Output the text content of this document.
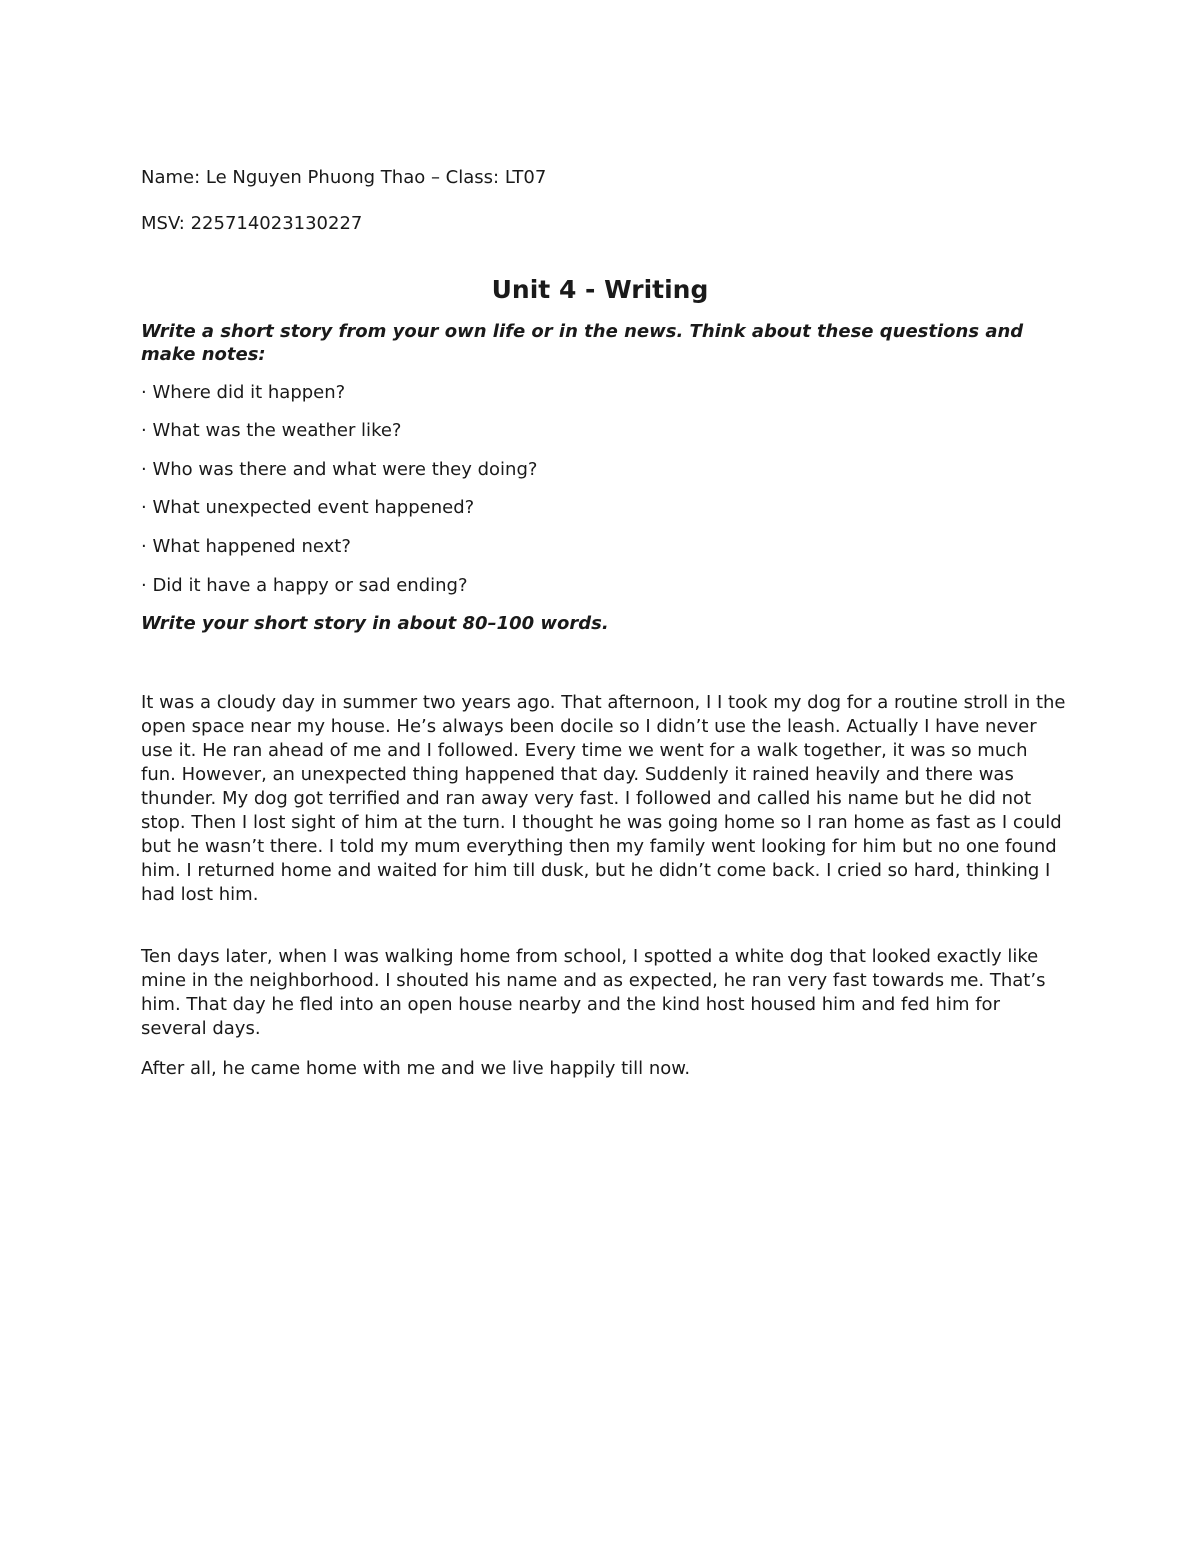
Name: Le Nguyen Phuong Thao – Class: LT07
MSV: 225714023130227
Unit 4 - Writing
Write a short story from your own life or in the news. Think about these questions and make notes:
· Where did it happen?
· What was the weather like?
· Who was there and what were they doing?
· What unexpected event happened?
· What happened next?
· Did it have a happy or sad ending?
Write your short story in about 80–100 words.
It was a cloudy day in summer two years ago. That afternoon, I I took my dog for a routine stroll in the open space near my house. He’s always been docile so I didn’t use the leash. Actually I have never use it. He ran ahead of me and I followed. Every time we went for a walk together, it was so much fun. However, an unexpected thing happened that day. Suddenly it rained heavily and there was thunder. My dog got terrified and ran away very fast. I followed and called his name but he did not stop. Then I lost sight of him at the turn. I thought he was going home so I ran home as fast as I could but he wasn’t there. I told my mum everything then my family went looking for him but no one found him. I returned home and waited for him till dusk, but he didn’t come back. I cried so hard, thinking I had lost him.
Ten days later, when I was walking home from school, I spotted a white dog that looked exactly like mine in the neighborhood. I shouted his name and as expected, he ran very fast towards me. That’s him. That day he fled into an open house nearby and the kind host housed him and fed him for several days.
After all, he came home with me and we live happily till now.
